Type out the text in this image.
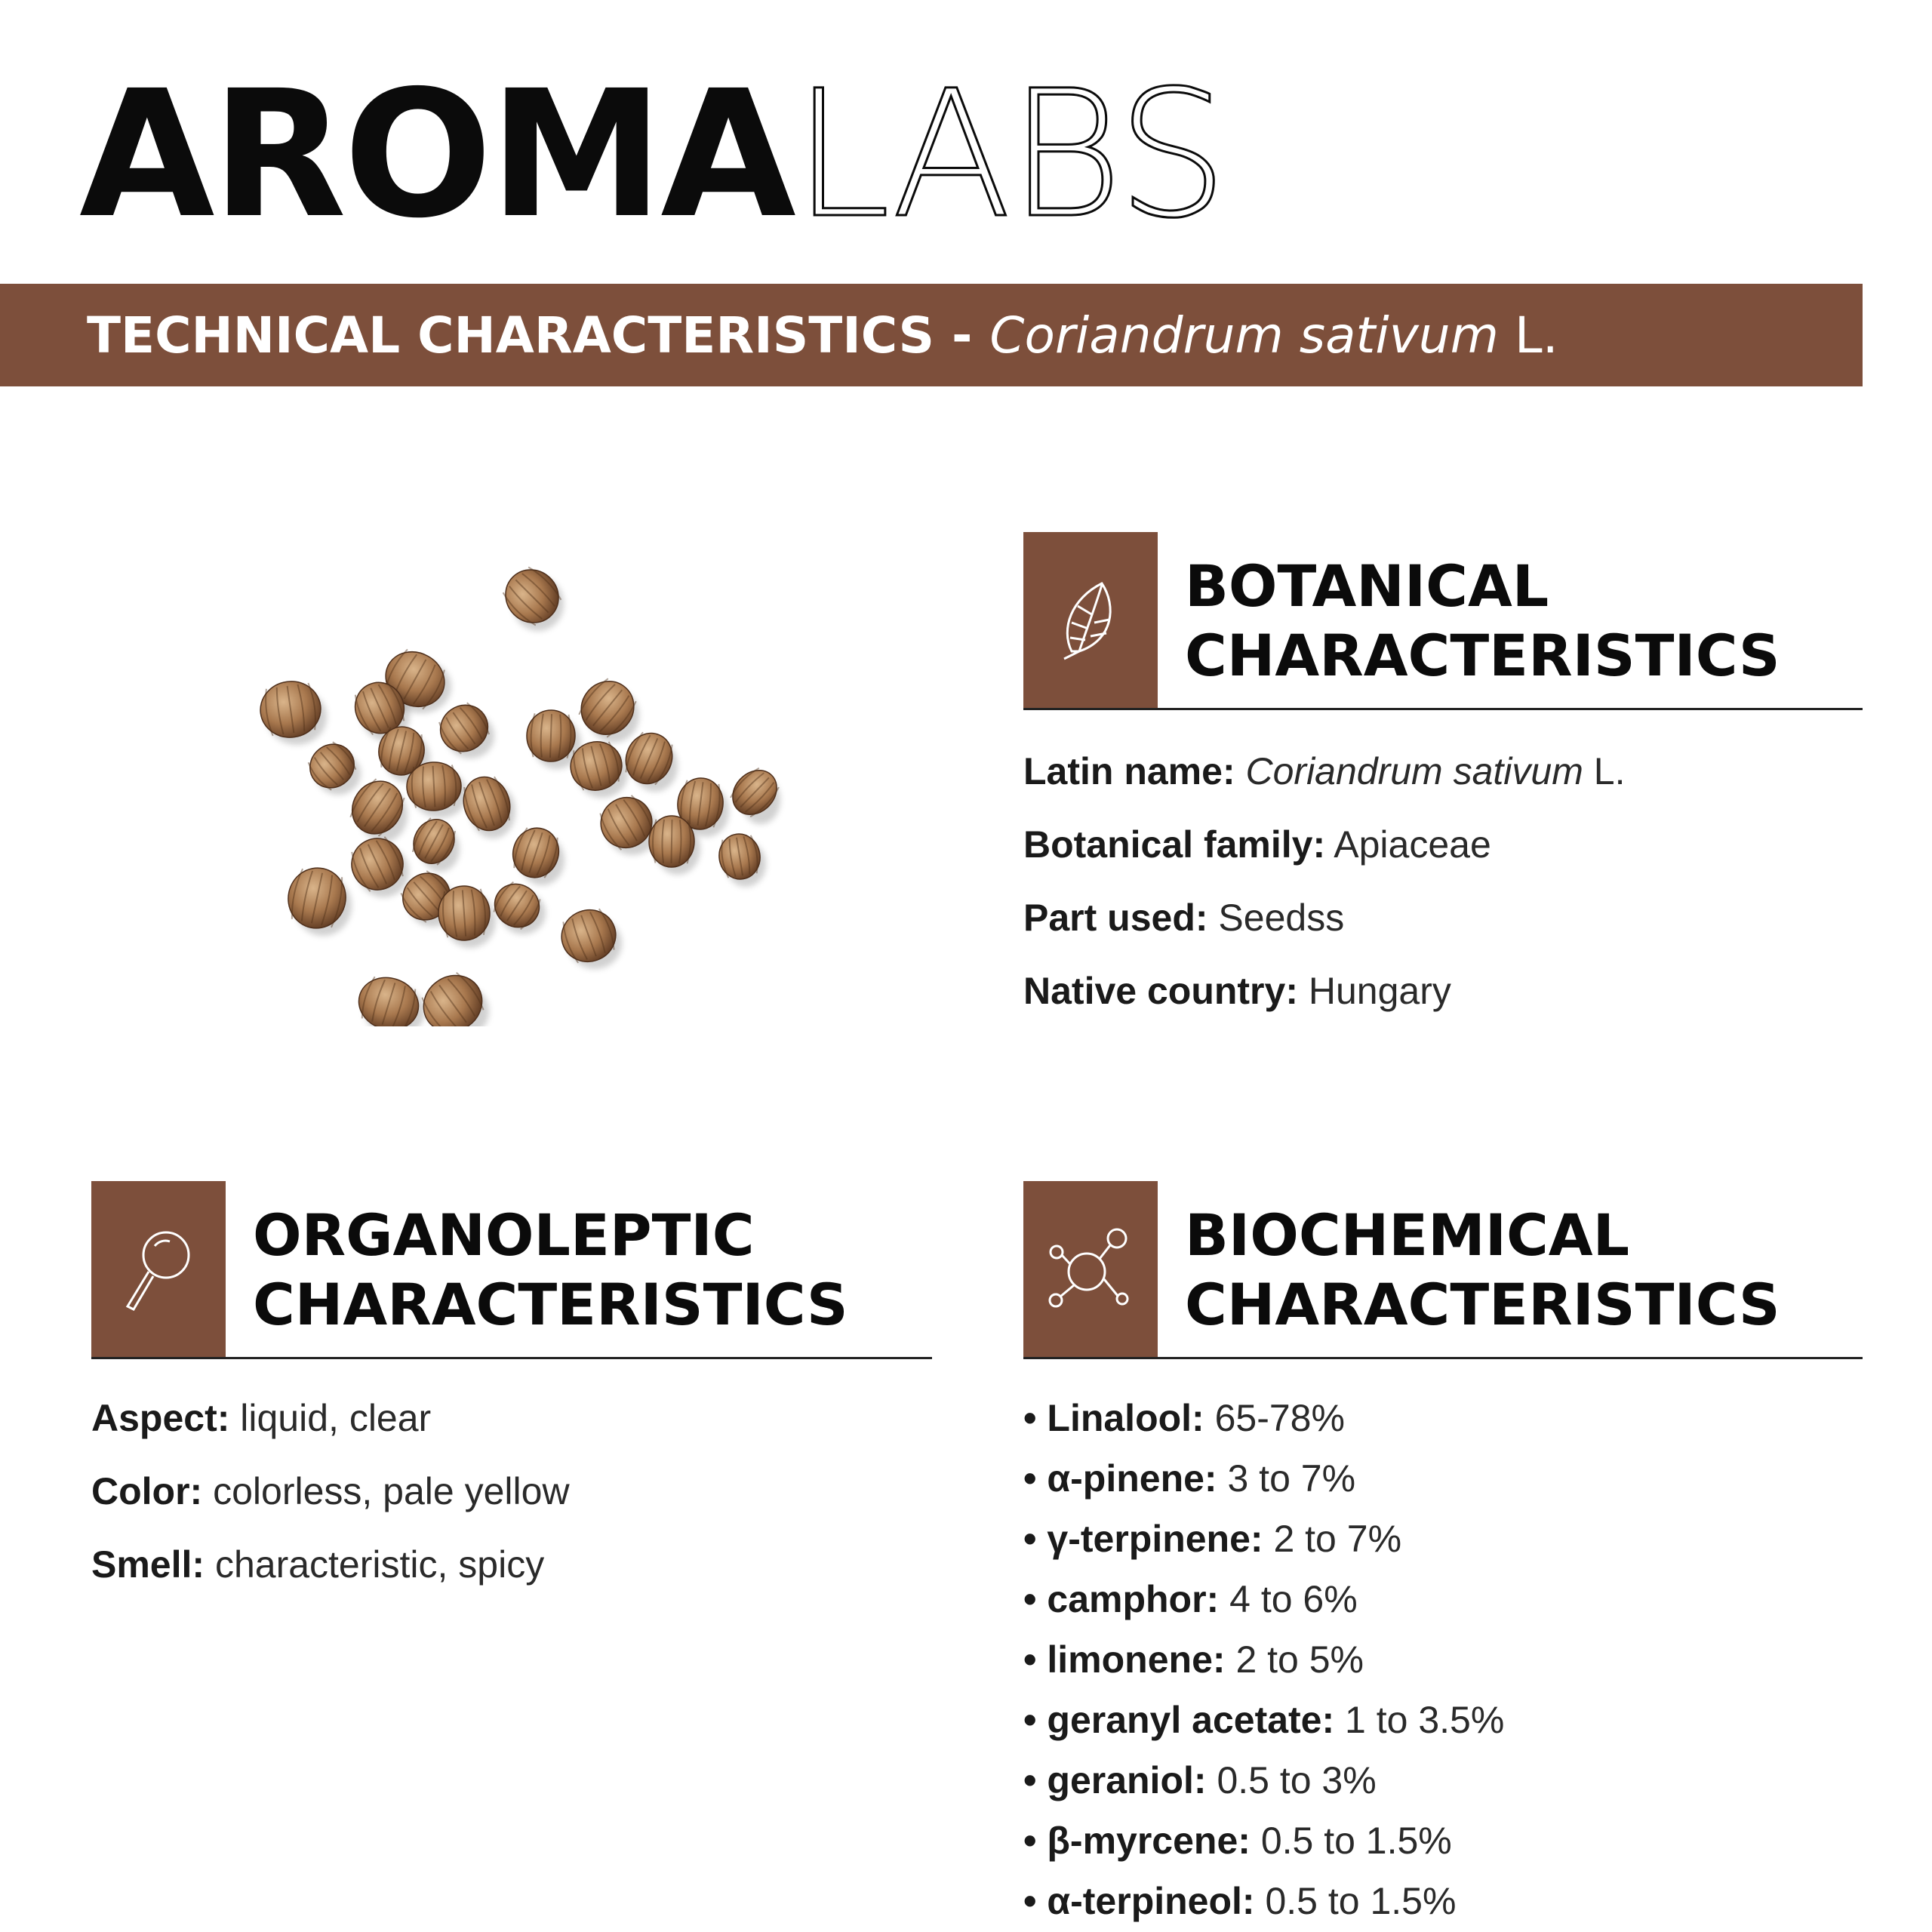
AROMALABS
TECHNICAL CHARACTERISTICS - Coriandrum sativum L.
BOTANICAL
CHARACTERISTICS
Latin name: Coriandrum sativum L.
Botanical family: Apiaceae
Part used: Seedss
Native country: Hungary
ORGANOLEPTIC
CHARACTERISTICS
Aspect: liquid, clear
Color: colorless, pale yellow
Smell: characteristic, spicy
BIOCHEMICAL
CHARACTERISTICS
• Linalool: 65-78%
• α-pinene: 3 to 7%
• γ-terpinene: 2 to 7%
• camphor: 4 to 6%
• limonene: 2 to 5%
• geranyl acetate: 1 to 3.5%
• geraniol: 0.5 to 3%
• β-myrcene: 0.5 to 1.5%
• α-terpineol: 0.5 to 1.5%
